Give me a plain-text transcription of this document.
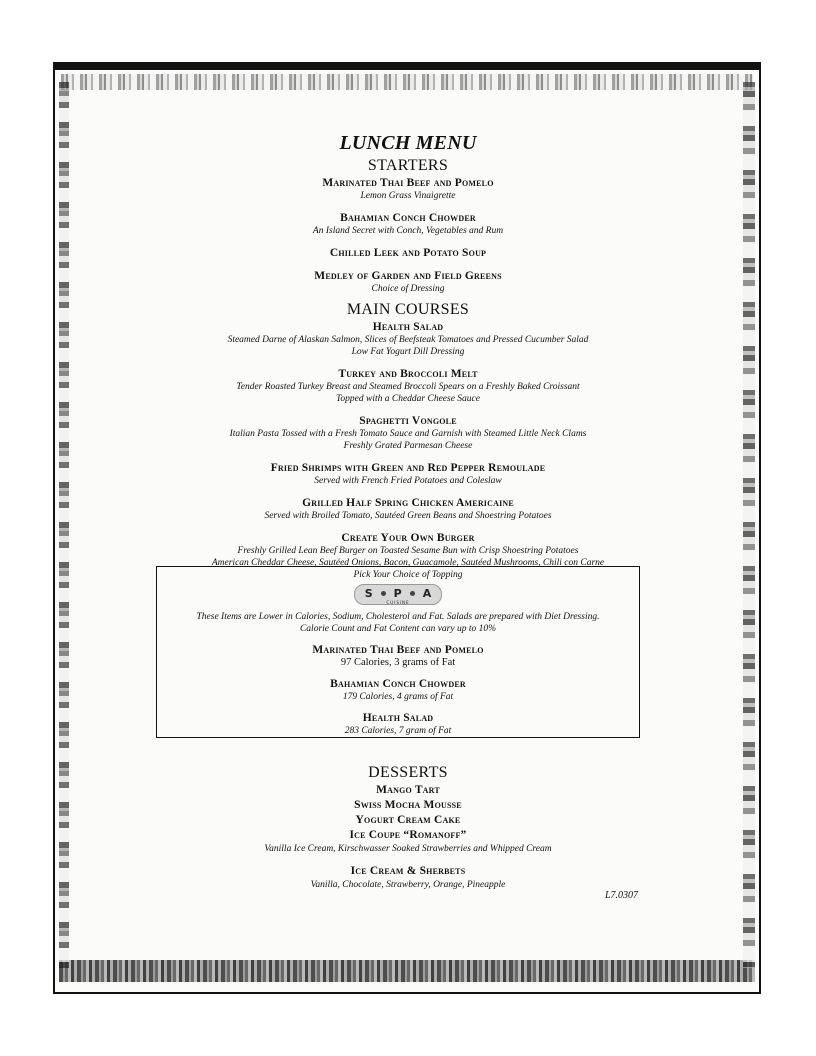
LUNCH MENU
STARTERS
Marinated Thai Beef and Pomelo
Lemon Grass Vinaigrette
Bahamian Conch Chowder
An Island Secret with Conch, Vegetables and Rum
Chilled Leek and Potato Soup
Medley of Garden and Field Greens
Choice of Dressing
MAIN COURSES
Health Salad
Steamed Darne of Alaskan Salmon, Slices of Beefsteak Tomatoes and Pressed Cucumber Salad
Low Fat Yogurt Dill Dressing
Turkey and Broccoli Melt
Tender Roasted Turkey Breast and Steamed Broccoli Spears on a Freshly Baked Croissant
Topped with a Cheddar Cheese Sauce
Spaghetti Vongole
Italian Pasta Tossed with a Fresh Tomato Sauce and Garnish with Steamed Little Neck Clams
Freshly Grated Parmesan Cheese
Fried Shrimps with Green and Red Pepper Remoulade
Served with French Fried Potatoes and Coleslaw
Grilled Half Spring Chicken Americaine
Served with Broiled Tomato, Sautéed Green Beans and Shoestring Potatoes
Create Your Own Burger
Freshly Grilled Lean Beef Burger on Toasted Sesame Bun with Crisp Shoestring Potatoes
American Cheddar Cheese, Sautéed Onions, Bacon, Guacamole, Sautéed Mushrooms, Chili con Carne
Pick Your Choice of Topping
S P A
CUISINE
These Items are Lower in Calories, Sodium, Cholesterol and Fat. Salads are prepared with Diet Dressing.
Calorie Count and Fat Content can vary up to 10%
Marinated Thai Beef and Pomelo
97 Calories, 3 grams of Fat
Bahamian Conch Chowder
179 Calories, 4 grams of Fat
Health Salad
283 Calories, 7 gram of Fat
DESSERTS
Mango Tart
Swiss Mocha Mousse
Yogurt Cream Cake
Ice Coupe “Romanoff”
Vanilla Ice Cream, Kirschwasser Soaked Strawberries and Whipped Cream
Ice Cream & Sherbets
Vanilla, Chocolate, Strawberry, Orange, Pineapple
L7.0307
